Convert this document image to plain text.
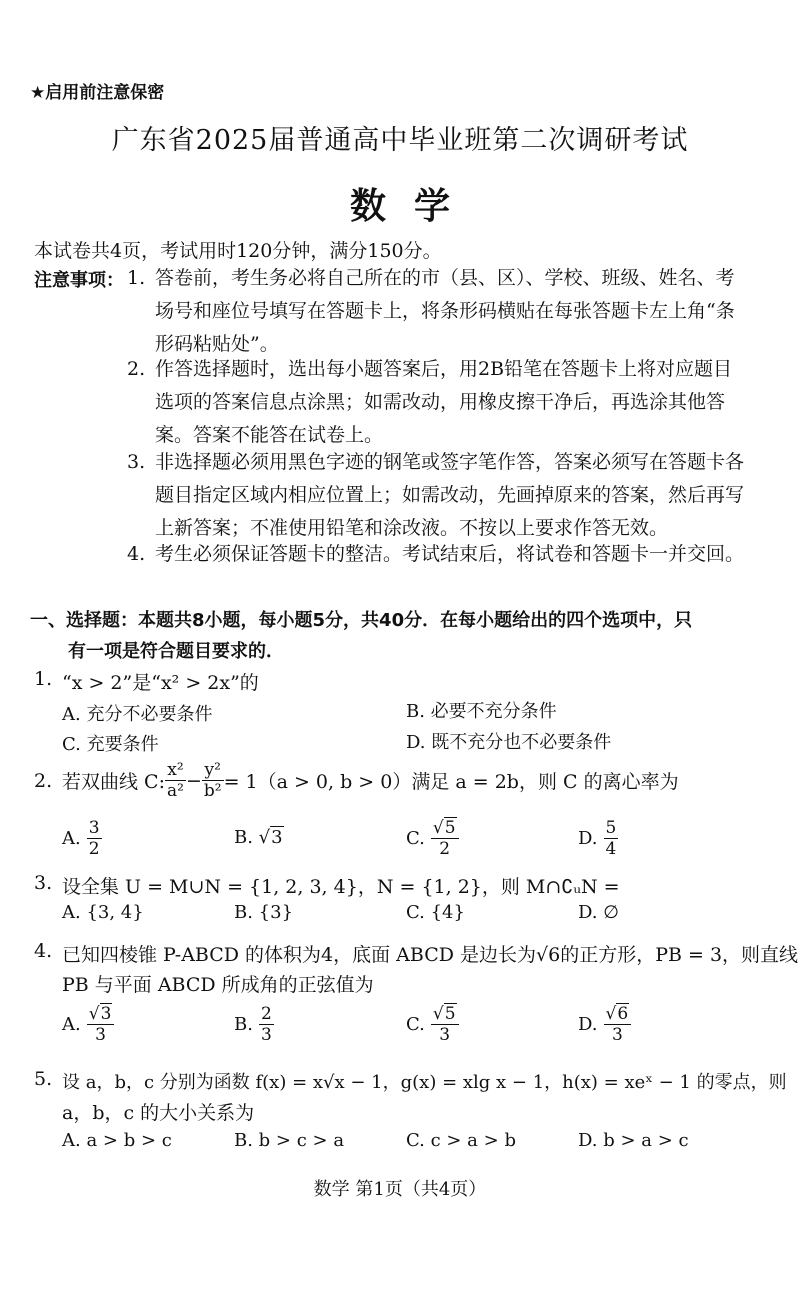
★启用前注意保密
广东省2025届普通高中毕业班第二次调研考试
数学
本试卷共4页，考试用时120分钟，满分150分。
注意事项： 1. 答卷前，考生务必将自己所在的市（县、区）、学校、班级、姓名、考
场号和座位号填写在答题卡上，将条形码横贴在每张答题卡左上角“条
形码粘贴处”。
2. 作答选择题时，选出每小题答案后，用2B铅笔在答题卡上将对应题目
选项的答案信息点涂黑；如需改动，用橡皮擦干净后，再选涂其他答
案。答案不能答在试卷上。
3. 非选择题必须用黑色字迹的钢笔或签字笔作答，答案必须写在答题卡各
题目指定区域内相应位置上；如需改动，先画掉原来的答案，然后再写
上新答案；不准使用铅笔和涂改液。不按以上要求作答无效。
4. 考生必须保证答题卡的整洁。考试结束后，将试卷和答题卡一并交回。
一、选择题：本题共8小题，每小题5分，共40分．在每小题给出的四个选项中，只
有一项是符合题目要求的．
1. “x > 2”是“x² > 2x”的
A. 充分不必要条件	B. 必要不充分条件
C. 充要条件	D. 既不充分也不必要条件
2. 若双曲线 C: $\frac{\text{x²}}{\text{a²}} - \frac{\text{y²}}{\text{b²}} = 1(a > 0$, b > 0）满足 a = 2b，则 C 的离心率为
A. $\frac{3}{2}$	B. √3	C. $\frac{√5}{2}$	D. $\frac{5}{4}$
3. 设全集 U = M∪N = {1, 2, 3, 4}，N = {1, 2}，则 M∩∁ᵤN =
A. {3, 4}	B. {3}	C. {4}	D. ∅
4. 已知四棱锥 P-ABCD 的体积为4，底面 ABCD 是边长为√6的正方形，PB = 3，则直线
PB 与平面 ABCD 所成角的正弦值为
A. $\frac{√3}{3}$	B. $\frac{2}{3}$	C. $\frac{√5}{3}$	D. $\frac{√6}{3}$
5. 设 a，b，c 分别为函数 f(x) = x√x − 1，g(x) = xlg x − 1，h(x) = xeˣ − 1 的零点，则
a，b，c 的大小关系为
A. a > b > c	B. b > c > a	C. c > a > b	D. b > a > c
数学 第1页（共4页）
